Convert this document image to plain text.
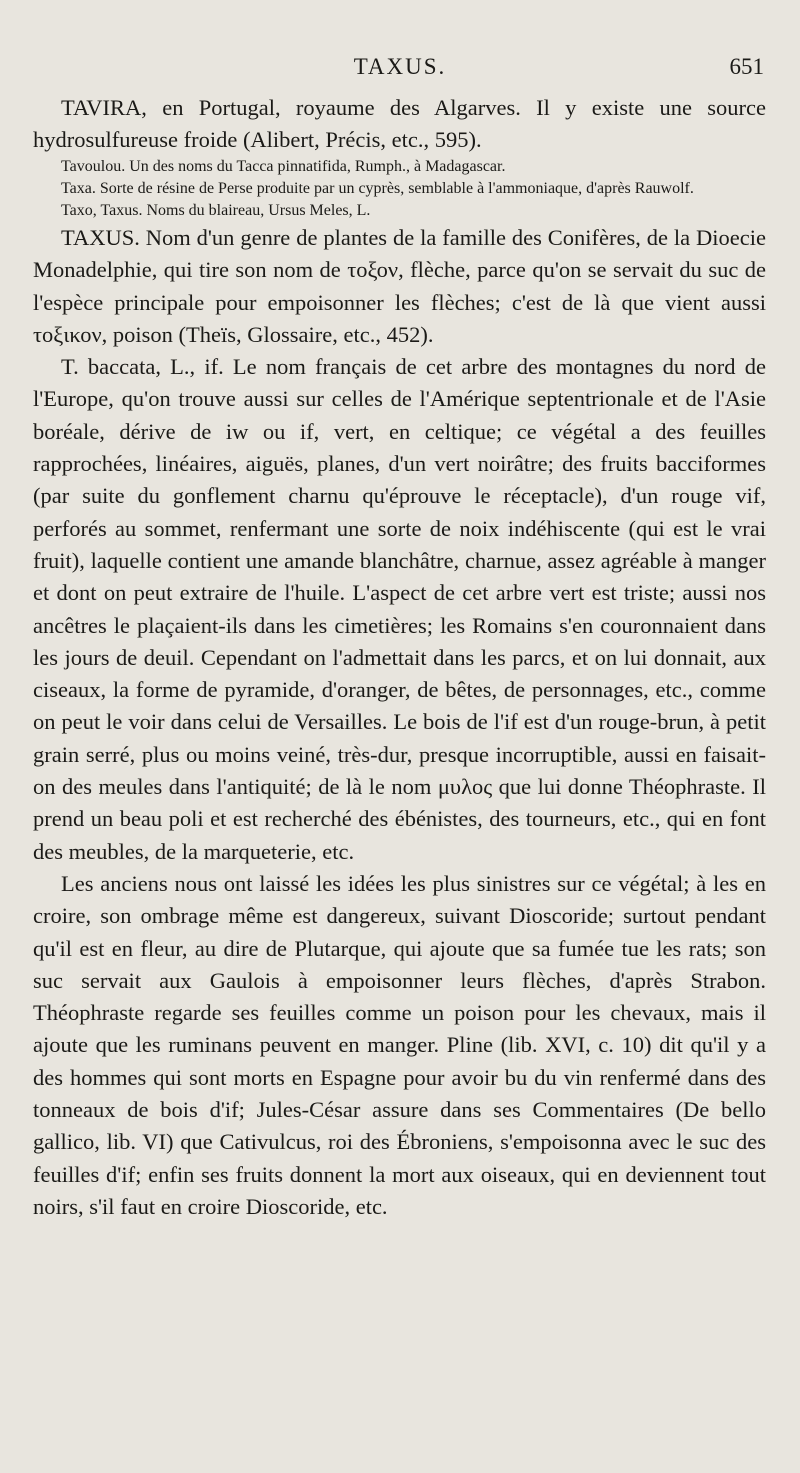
TAXUS.	651

TAVIRA, en Portugal, royaume des Algarves. Il y existe une source hydrosulfureuse froide (Alibert, Précis, etc., 595).

Tavoulou. Un des noms du Tacca pinnatifida, Rumph., à Madagascar.

Taxa. Sorte de résine de Perse produite par un cyprès, semblable à l'ammoniaque, d'après Rauwolf.

Taxo, Taxus. Noms du blaireau, Ursus Meles, L.

TAXUS. Nom d'un genre de plantes de la famille des Conifères, de la Dioecie Monadelphie, qui tire son nom de τοξον, flèche, parce qu'on se servait du suc de l'espèce principale pour empoisonner les flèches; c'est de là que vient aussi τοξικον, poison (Theïs, Glossaire, etc., 452).

T. baccata, L., if. Le nom français de cet arbre des montagnes du nord de l'Europe, qu'on trouve aussi sur celles de l'Amérique septentrionale et de l'Asie boréale, dérive de iw ou if, vert, en celtique; ce végétal a des feuilles rapprochées, linéaires, aiguës, planes, d'un vert noirâtre; des fruits bacciformes (par suite du gonflement charnu qu'éprouve le réceptacle), d'un rouge vif, perforés au sommet, renfermant une sorte de noix indéhiscente (qui est le vrai fruit), laquelle contient une amande blanchâtre, charnue, assez agréable à manger et dont on peut extraire de l'huile. L'aspect de cet arbre vert est triste; aussi nos ancêtres le plaçaient-ils dans les cimetières; les Romains s'en couronnaient dans les jours de deuil. Cependant on l'admettait dans les parcs, et on lui donnait, aux ciseaux, la forme de pyramide, d'oranger, de bêtes, de personnages, etc., comme on peut le voir dans celui de Versailles. Le bois de l'if est d'un rouge-brun, à petit grain serré, plus ou moins veiné, très-dur, presque incorruptible, aussi en faisait-on des meules dans l'antiquité; de là le nom μυλος que lui donne Théophraste. Il prend un beau poli et est recherché des ébénistes, des tourneurs, etc., qui en font des meubles, de la marqueterie, etc.

Les anciens nous ont laissé les idées les plus sinistres sur ce végétal; à les en croire, son ombrage même est dangereux, suivant Dioscoride; surtout pendant qu'il est en fleur, au dire de Plutarque, qui ajoute que sa fumée tue les rats; son suc servait aux Gaulois à empoisonner leurs flèches, d'après Strabon. Théophraste regarde ses feuilles comme un poison pour les chevaux, mais il ajoute que les ruminans peuvent en manger. Pline (lib. XVI, c. 10) dit qu'il y a des hommes qui sont morts en Espagne pour avoir bu du vin renfermé dans des tonneaux de bois d'if; Jules-César assure dans ses Commentaires (De bello gallico, lib. VI) que Cativulcus, roi des Ébroniens, s'empoisonna avec le suc des feuilles d'if; enfin ses fruits donnent la mort aux oiseaux, qui en deviennent tout noirs, s'il faut en croire Dioscoride, etc.
